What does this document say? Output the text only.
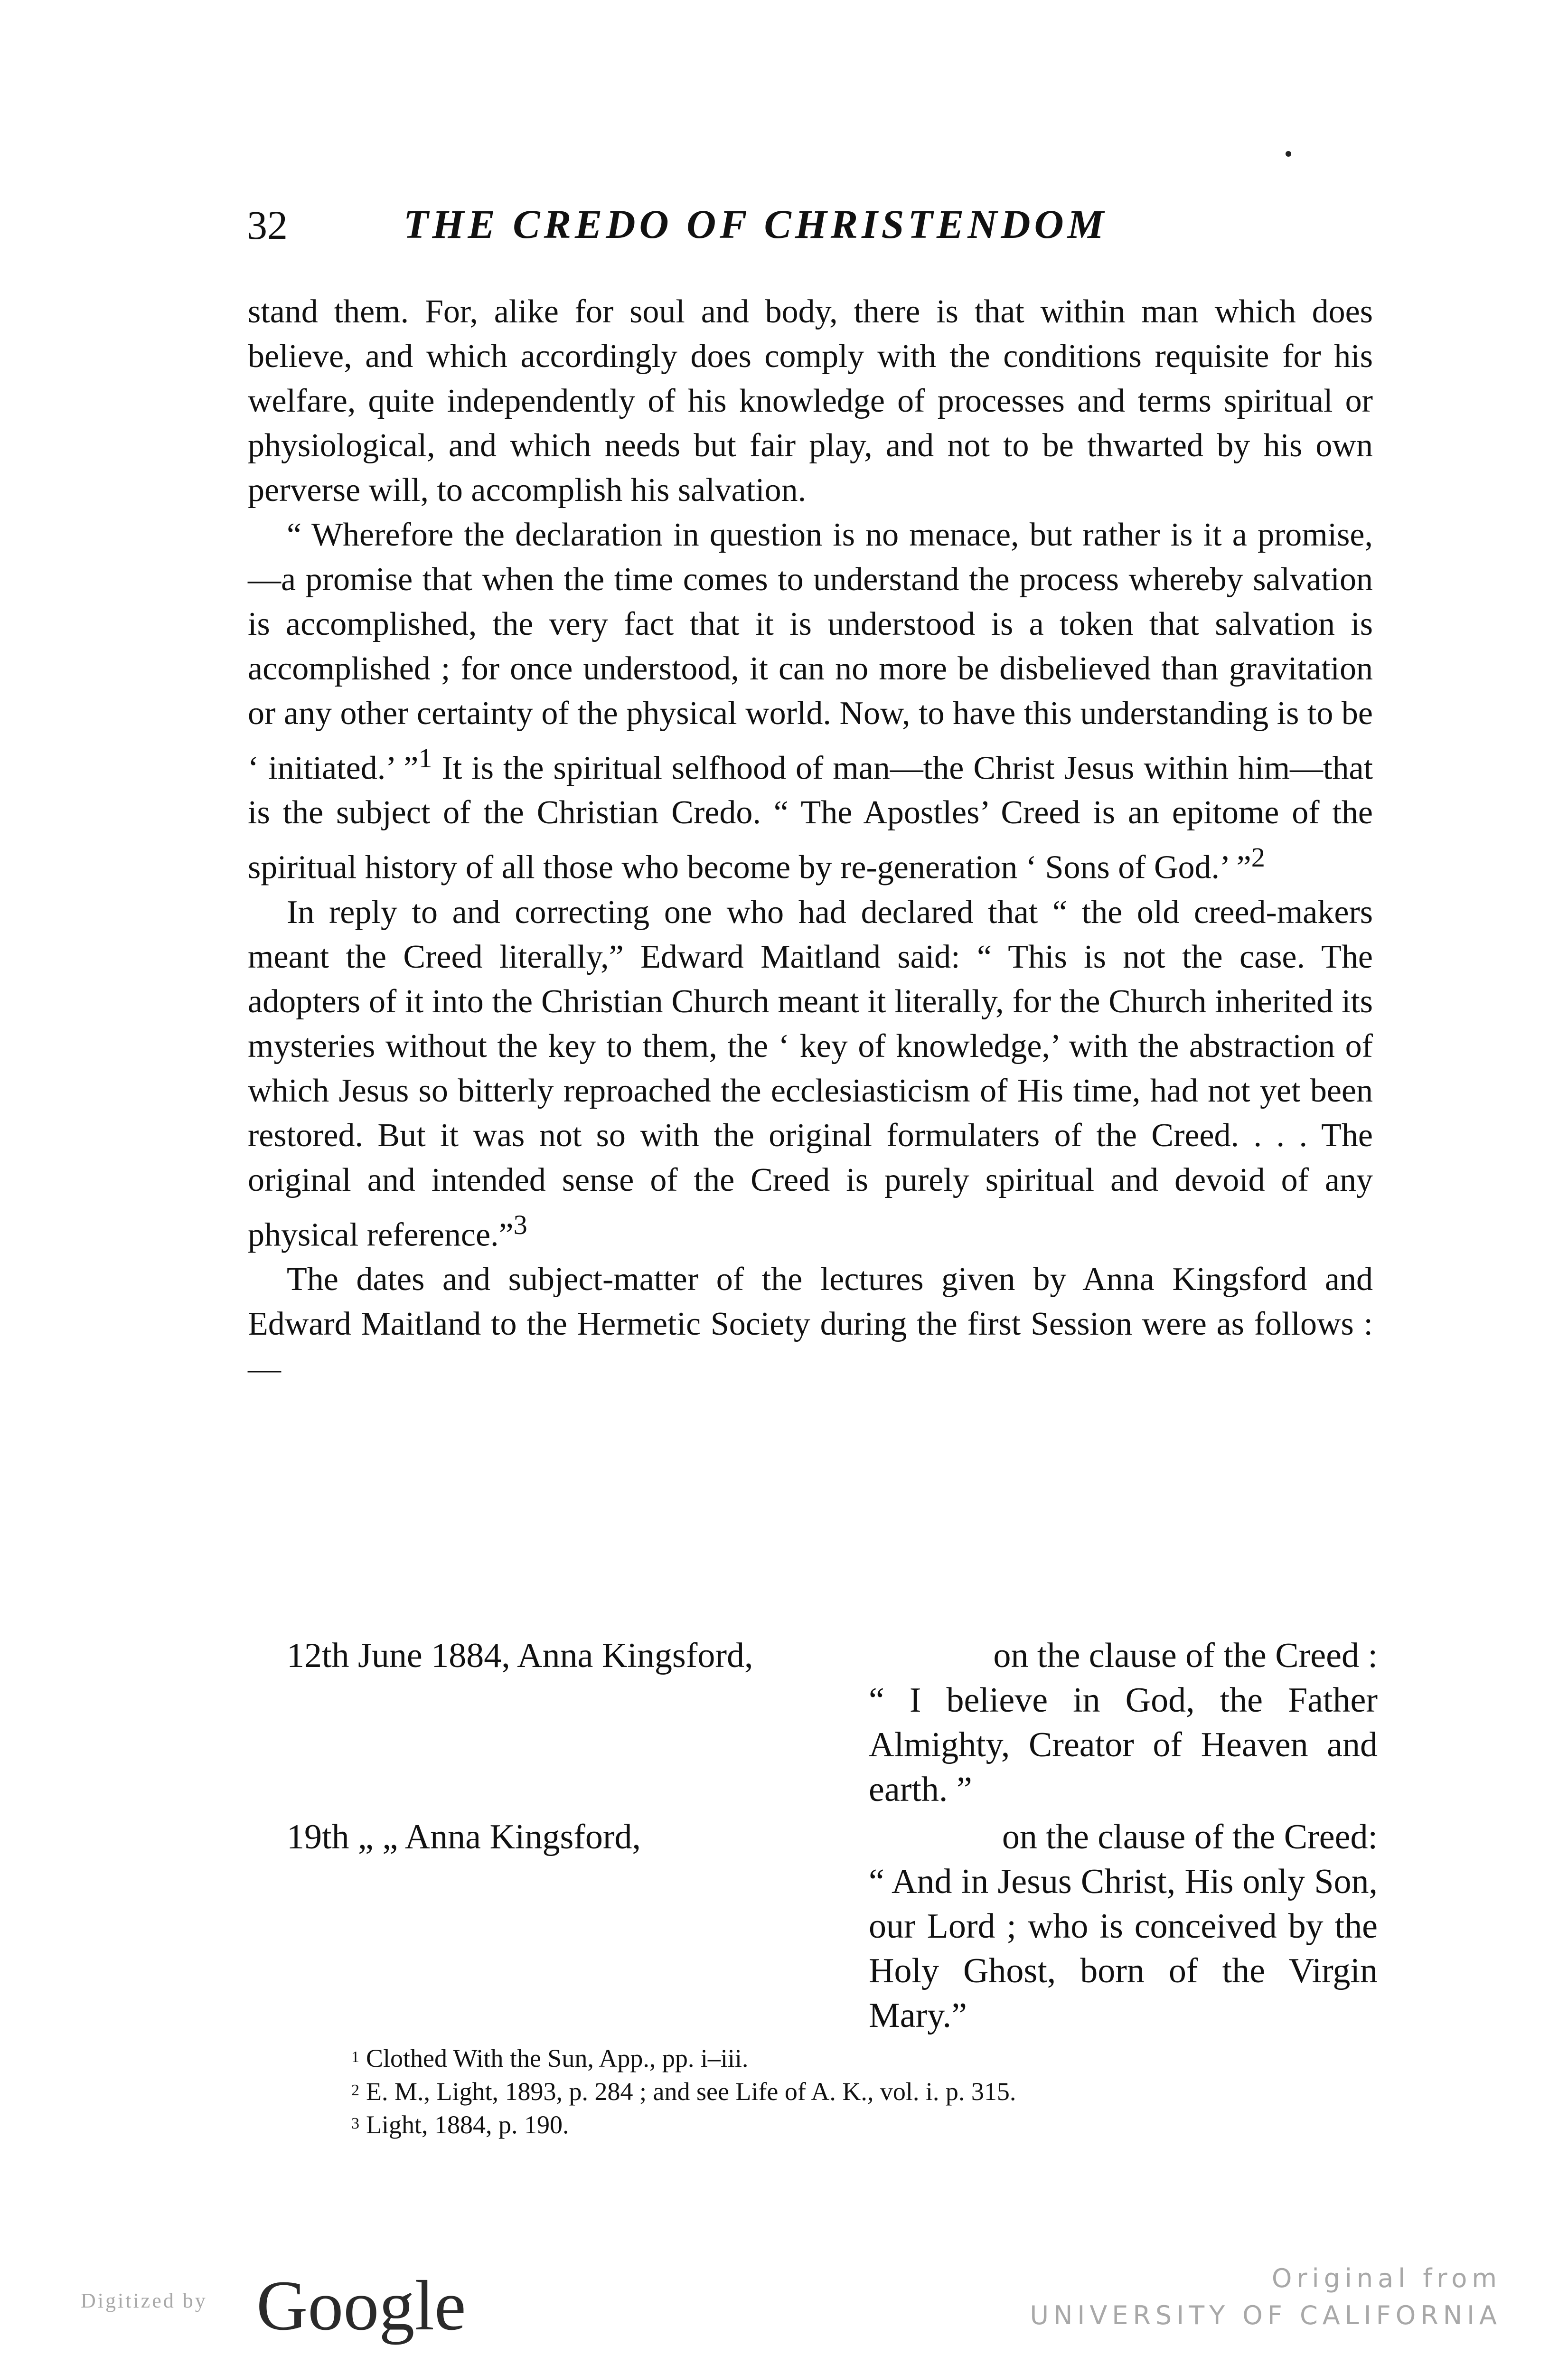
32	THE CREDO OF CHRISTENDOM

stand them. For, alike for soul and body, there is that within man which does believe, and which accordingly does comply with the conditions requisite for his welfare, quite independently of his knowledge of processes and terms spiritual or physiological, and which needs but fair play, and not to be thwarted by his own perverse will, to accomplish his salvation.

“ Wherefore the declaration in question is no menace, but rather is it a promise,—a promise that when the time comes to understand the process whereby salvation is accomplished, the very fact that it is understood is a token that salvation is accomplished ; for once understood, it can no more be disbelieved than gravitation or any other certainty of the physical world. Now, to have this understanding is to be ‘ initiated.’ ”$^1$ It is the spiritual selfhood of man—the Christ Jesus within him—that is the subject of the Christian Credo. “ The Apostles’ Creed is an epitome of the spiritual history of all those who become by re-generation ‘ Sons of God.’ ”$^2$

In reply to and correcting one who had declared that “ the old creed-makers meant the Creed literally,” Edward Maitland said: “ This is not the case. The adopters of it into the Christian Church meant it literally, for the Church inherited its mysteries without the key to them, the ‘ key of knowledge,’ with the abstraction of which Jesus so bitterly reproached the ecclesiasticism of His time, had not yet been restored. But it was not so with the original formulaters of the Creed. . . . The original and intended sense of the Creed is purely spiritual and devoid of any physical reference.”$^3$

The dates and subject-matter of the lectures given by Anna Kingsford and Edward Maitland to the Hermetic Society during the first Session were as follows :—

12th June 1884, Anna Kingsford,	on the clause of the Creed :
“ I believe in God, the Father Almighty, Creator of Heaven and earth. ”
19th „ „ Anna Kingsford,	on the clause of the Creed:
“ And in Jesus Christ, His only Son, our Lord ; who is conceived by the Holy Ghost, born of the Virgin Mary.”
$^1$ Clothed With the Sun, App., pp. i–iii.
$^2$ E. M., Light, 1893, p. 284 ; and see Life of A. K., vol. i. p. 315.
$^3$ Light, 1884, p. 190.
Digitized by Google	Original from
UNIVERSITY OF CALIFORNIA
